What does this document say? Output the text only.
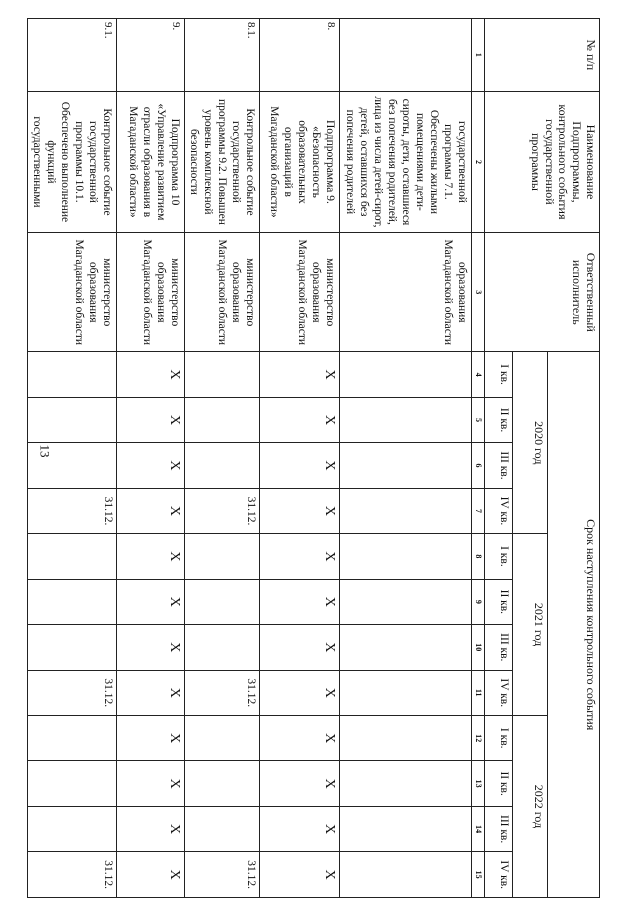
13
№ п/п	Наименование Подпрограммы, контрольного события государственной программы	Ответственный исполнитель	Срок наступления контрольного события											
			2020 год				2021 год				2022 год			
			I кв.	II кв.	III кв.	IV кв.	I кв.	II кв.	III кв.	IV кв.	I кв.	II кв.	III кв.	IV кв.
1	2	3	4	5	6	7	8	9	10	11	12	13	14	15
	государственной программы 7.1. Обеспечены жилыми помещениями дети-сироты, дети, оставшиеся без попечения родителей, лица из числа детей-сирот, детей, оставшихся без попечения родителей	образования Магаданской области												
8.	Подпрограмма 9. «Безопасность образовательных организаций в Магаданской области»	министерство образования Магаданской области	X	X	X	X	X	X	X	X	X	X	X	X
8.1.	Контрольное событие государственной программы 9.2. Повышен уровень комплексной безопасности	министерство образования Магаданской области				31.12.				31.12.				31.12.
9.	Подпрограмма 10 «Управление развитием отрасли образования в Магаданской области»	министерство образования Магаданской области	X	X	X	X	X	X	X	X	X	X	X	X
9.1.	Контрольное событие государственной программы 10.1. Обеспечено выполнение функций государственными	министерство образования Магаданской области				31.12.				31.12.				31.12.
